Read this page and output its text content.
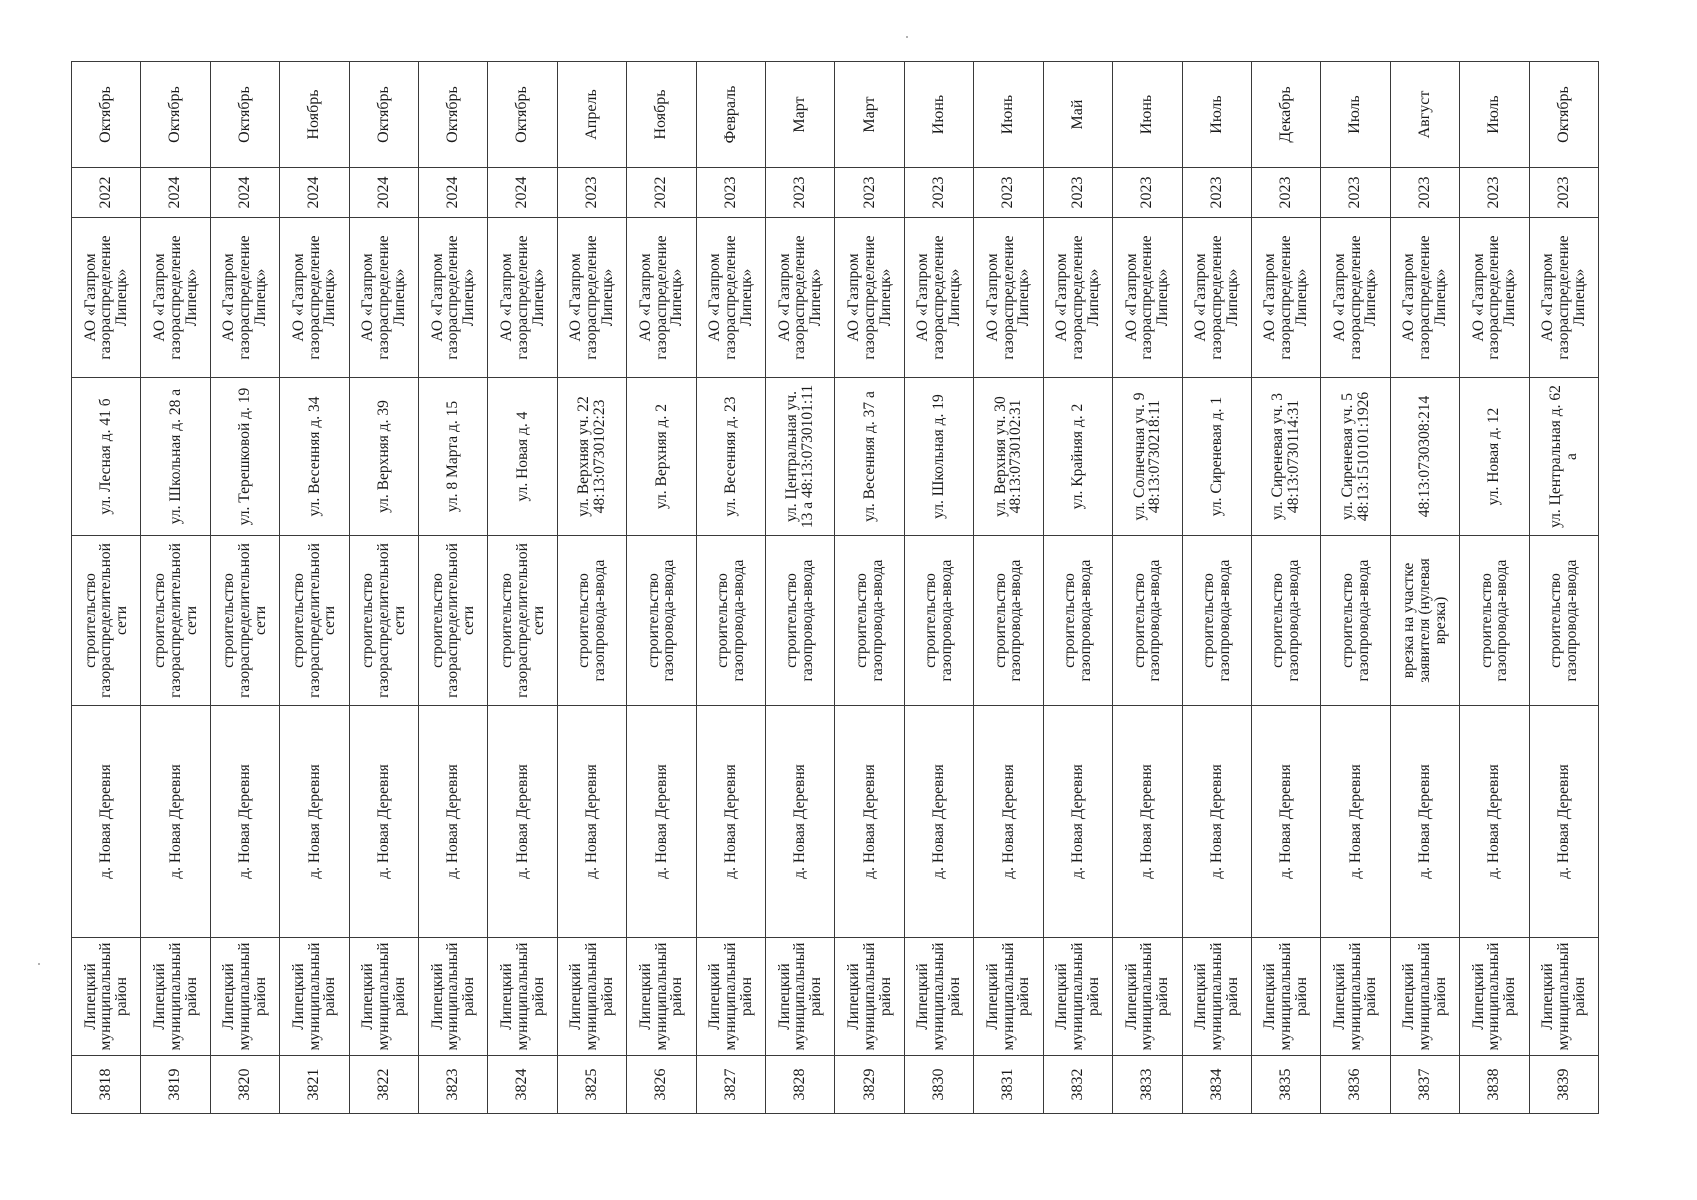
3818	Липецкий муниципальный район	д. Новая Деревня	строительство газораспределительной сети	ул. Лесная д. 41 б	АО «Газпром газораспределение Липецк»	2022	Октябрь
3819	Липецкий муниципальный район	д. Новая Деревня	строительство газораспределительной сети	ул. Школьная д. 28 а	АО «Газпром газораспределение Липецк»	2024	Октябрь
3820	Липецкий муниципальный район	д. Новая Деревня	строительство газораспределительной сети	ул. Терешковой д. 19	АО «Газпром газораспределение Липецк»	2024	Октябрь
3821	Липецкий муниципальный район	д. Новая Деревня	строительство газораспределительной сети	ул. Весенняя д. 34	АО «Газпром газораспределение Липецк»	2024	Ноябрь
3822	Липецкий муниципальный район	д. Новая Деревня	строительство газораспределительной сети	ул. Верхняя д. 39	АО «Газпром газораспределение Липецк»	2024	Октябрь
3823	Липецкий муниципальный район	д. Новая Деревня	строительство газораспределительной сети	ул. 8 Марта д. 15	АО «Газпром газораспределение Липецк»	2024	Октябрь
3824	Липецкий муниципальный район	д. Новая Деревня	строительство газораспределительной сети	ул. Новая д. 4	АО «Газпром газораспределение Липецк»	2024	Октябрь
3825	Липецкий муниципальный район	д. Новая Деревня	строительство газопровода-ввода	ул. Верхняя уч. 22 48:13:0730102:23	АО «Газпром газораспределение Липецк»	2023	Апрель
3826	Липецкий муниципальный район	д. Новая Деревня	строительство газопровода-ввода	ул. Верхняя д. 2	АО «Газпром газораспределение Липецк»	2022	Ноябрь
3827	Липецкий муниципальный район	д. Новая Деревня	строительство газопровода-ввода	ул. Весенняя д. 23	АО «Газпром газораспределение Липецк»	2023	Февраль
3828	Липецкий муниципальный район	д. Новая Деревня	строительство газопровода-ввода	ул. Центральная уч. 13 а 48:13:0730101:11	АО «Газпром газораспределение Липецк»	2023	Март
3829	Липецкий муниципальный район	д. Новая Деревня	строительство газопровода-ввода	ул. Весенняя д. 37 а	АО «Газпром газораспределение Липецк»	2023	Март
3830	Липецкий муниципальный район	д. Новая Деревня	строительство газопровода-ввода	ул. Школьная д. 19	АО «Газпром газораспределение Липецк»	2023	Июнь
3831	Липецкий муниципальный район	д. Новая Деревня	строительство газопровода-ввода	ул. Верхняя уч. 30 48:13:0730102:31	АО «Газпром газораспределение Липецк»	2023	Июнь
3832	Липецкий муниципальный район	д. Новая Деревня	строительство газопровода-ввода	ул. Крайняя д. 2	АО «Газпром газораспределение Липецк»	2023	Май
3833	Липецкий муниципальный район	д. Новая Деревня	строительство газопровода-ввода	ул. Солнечная уч. 9 48:13:0730218:11	АО «Газпром газораспределение Липецк»	2023	Июнь
3834	Липецкий муниципальный район	д. Новая Деревня	строительство газопровода-ввода	ул. Сиреневая д. 1	АО «Газпром газораспределение Липецк»	2023	Июль
3835	Липецкий муниципальный район	д. Новая Деревня	строительство газопровода-ввода	ул. Сиреневая уч. 3 48:13:0730114:31	АО «Газпром газораспределение Липецк»	2023	Декабрь
3836	Липецкий муниципальный район	д. Новая Деревня	строительство газопровода-ввода	ул. Сиреневая уч. 5 48:13:1510101:1926	АО «Газпром газораспределение Липецк»	2023	Июль
3837	Липецкий муниципальный район	д. Новая Деревня	врезка на участке заявителя (нулевая врезка)	48:13:0730308:214	АО «Газпром газораспределение Липецк»	2023	Август
3838	Липецкий муниципальный район	д. Новая Деревня	строительство газопровода-ввода	ул. Новая д. 12	АО «Газпром газораспределение Липецк»	2023	Июль
3839	Липецкий муниципальный район	д. Новая Деревня	строительство газопровода-ввода	ул. Центральная д. 62 а	АО «Газпром газораспределение Липецк»	2023	Октябрь
